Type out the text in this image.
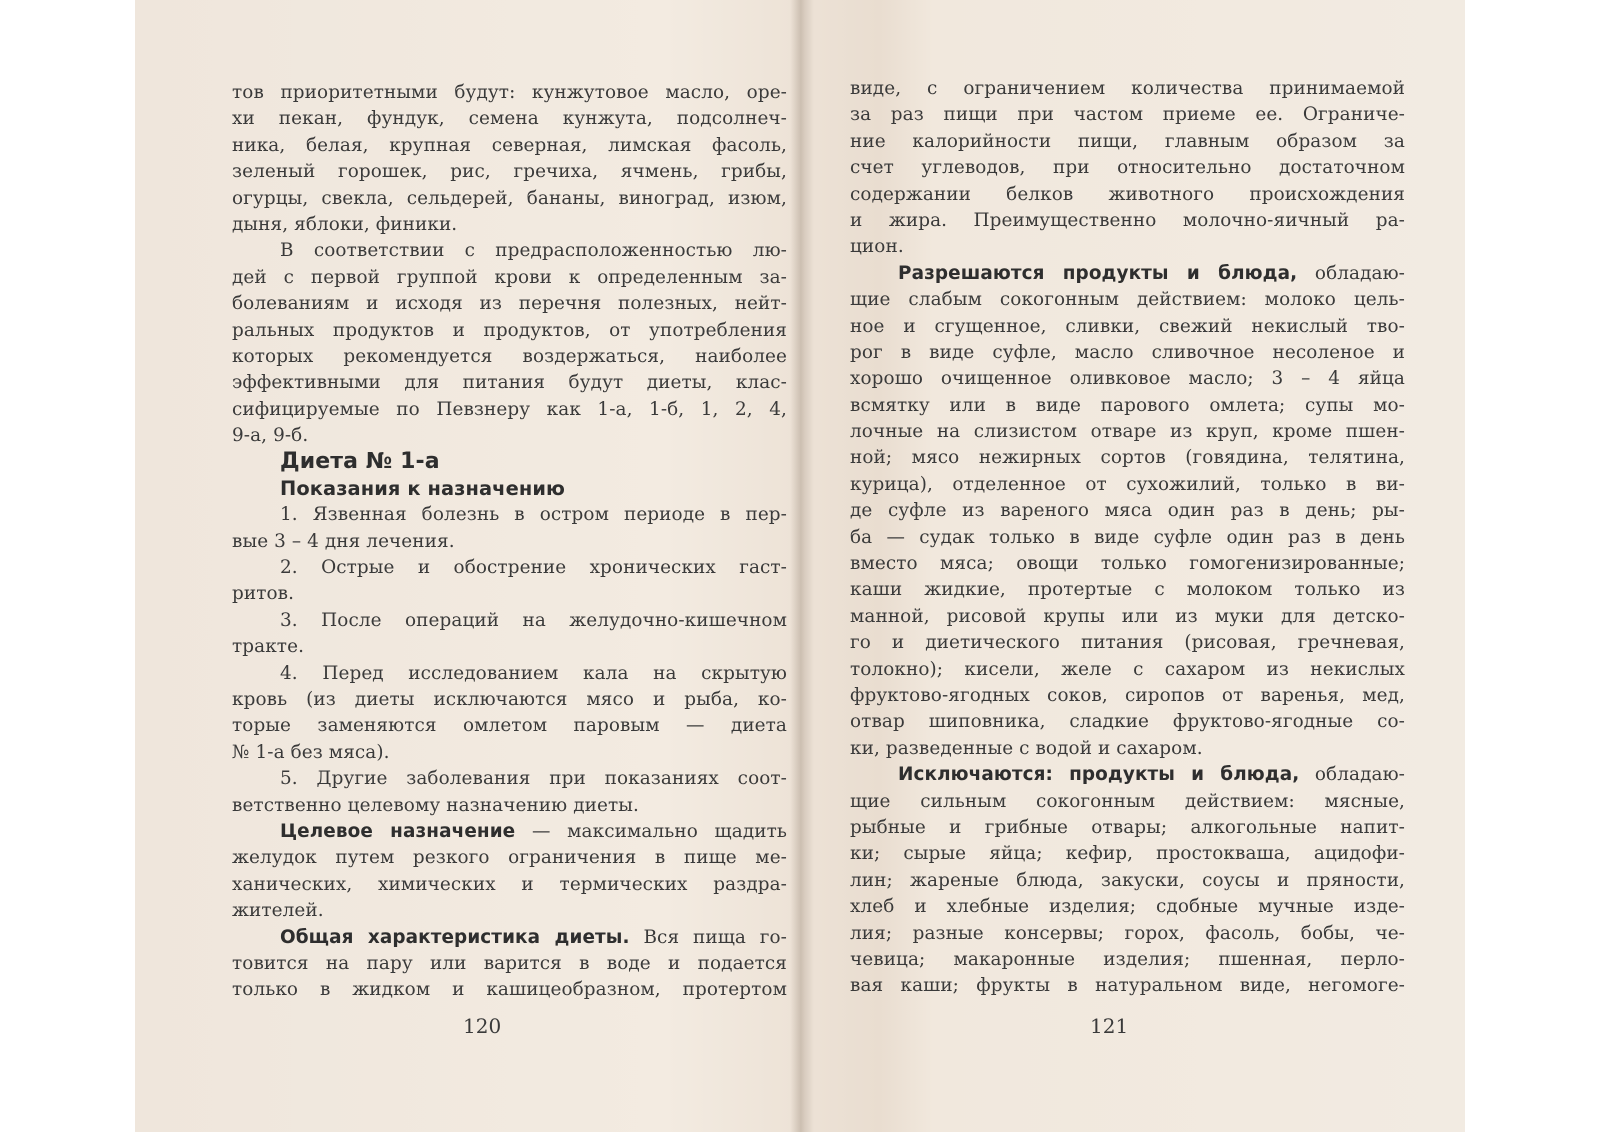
тов приоритетными будут: кунжутовое масло, оре-
хи пекан, фундук, семена кунжута, подсолнеч-
ника, белая, крупная северная, лимская фасоль,
зеленый горошек, рис, гречиха, ячмень, грибы,
огурцы, свекла, сельдерей, бананы, виноград, изюм,
дыня, яблоки, финики.
В соответствии с предрасположенностью лю-
дей с первой группой крови к определенным за-
болеваниям и исходя из перечня полезных, нейт-
ральных продуктов и продуктов, от употребления
которых рекомендуется воздержаться, наиболее
эффективными для питания будут диеты, клас-
сифицируемые по Певзнеру как 1-а, 1-б, 1, 2, 4,
9-а, 9-б.
Диета № 1-а
Показания к назначению
1. Язвенная болезнь в остром периоде в пер-
вые 3 – 4 дня лечения.
2. Острые и обострение хронических гаст-
ритов.
3. После операций на желудочно-кишечном
тракте.
4. Перед исследованием кала на скрытую
кровь (из диеты исключаются мясо и рыба, ко-
торые заменяются омлетом паровым — диета
№ 1-а без мяса).
5. Другие заболевания при показаниях соот-
ветственно целевому назначению диеты.
Целевое назначение — максимально щадить
желудок путем резкого ограничения в пище ме-
ханических, химических и термических раздра-
жителей.
Общая характеристика диеты. Вся пища го-
товится на пару или варится в воде и подается
только в жидком и кашицеобразном, протертом
120
виде, с ограничением количества принимаемой
за раз пищи при частом приеме ее. Ограниче-
ние калорийности пищи, главным образом за
счет углеводов, при относительно достаточном
содержании белков животного происхождения
и жира. Преимущественно молочно-яичный ра-
цион.
Разрешаются продукты и блюда, обладаю-
щие слабым сокогонным действием: молоко цель-
ное и сгущенное, сливки, свежий некислый тво-
рог в виде суфле, масло сливочное несоленое и
хорошо очищенное оливковое масло; 3 – 4 яйца
всмятку или в виде парового омлета; супы мо-
лочные на слизистом отваре из круп, кроме пшен-
ной; мясо нежирных сортов (говядина, телятина,
курица), отделенное от сухожилий, только в ви-
де суфле из вареного мяса один раз в день; ры-
ба — судак только в виде суфле один раз в день
вместо мяса; овощи только гомогенизированные;
каши жидкие, протертые с молоком только из
манной, рисовой крупы или из муки для детско-
го и диетического питания (рисовая, гречневая,
толокно); кисели, желе с сахаром из некислых
фруктово-ягодных соков, сиропов от варенья, мед,
отвар шиповника, сладкие фруктово-ягодные со-
ки, разведенные с водой и сахаром.
Исключаются: продукты и блюда, обладаю-
щие сильным сокогонным действием: мясные,
рыбные и грибные отвары; алкогольные напит-
ки; сырые яйца; кефир, простокваша, ацидофи-
лин; жареные блюда, закуски, соусы и пряности,
хлеб и хлебные изделия; сдобные мучные изде-
лия; разные консервы; горох, фасоль, бобы, че-
чевица; макаронные изделия; пшенная, перло-
вая каши; фрукты в натуральном виде, негомоге-
121
